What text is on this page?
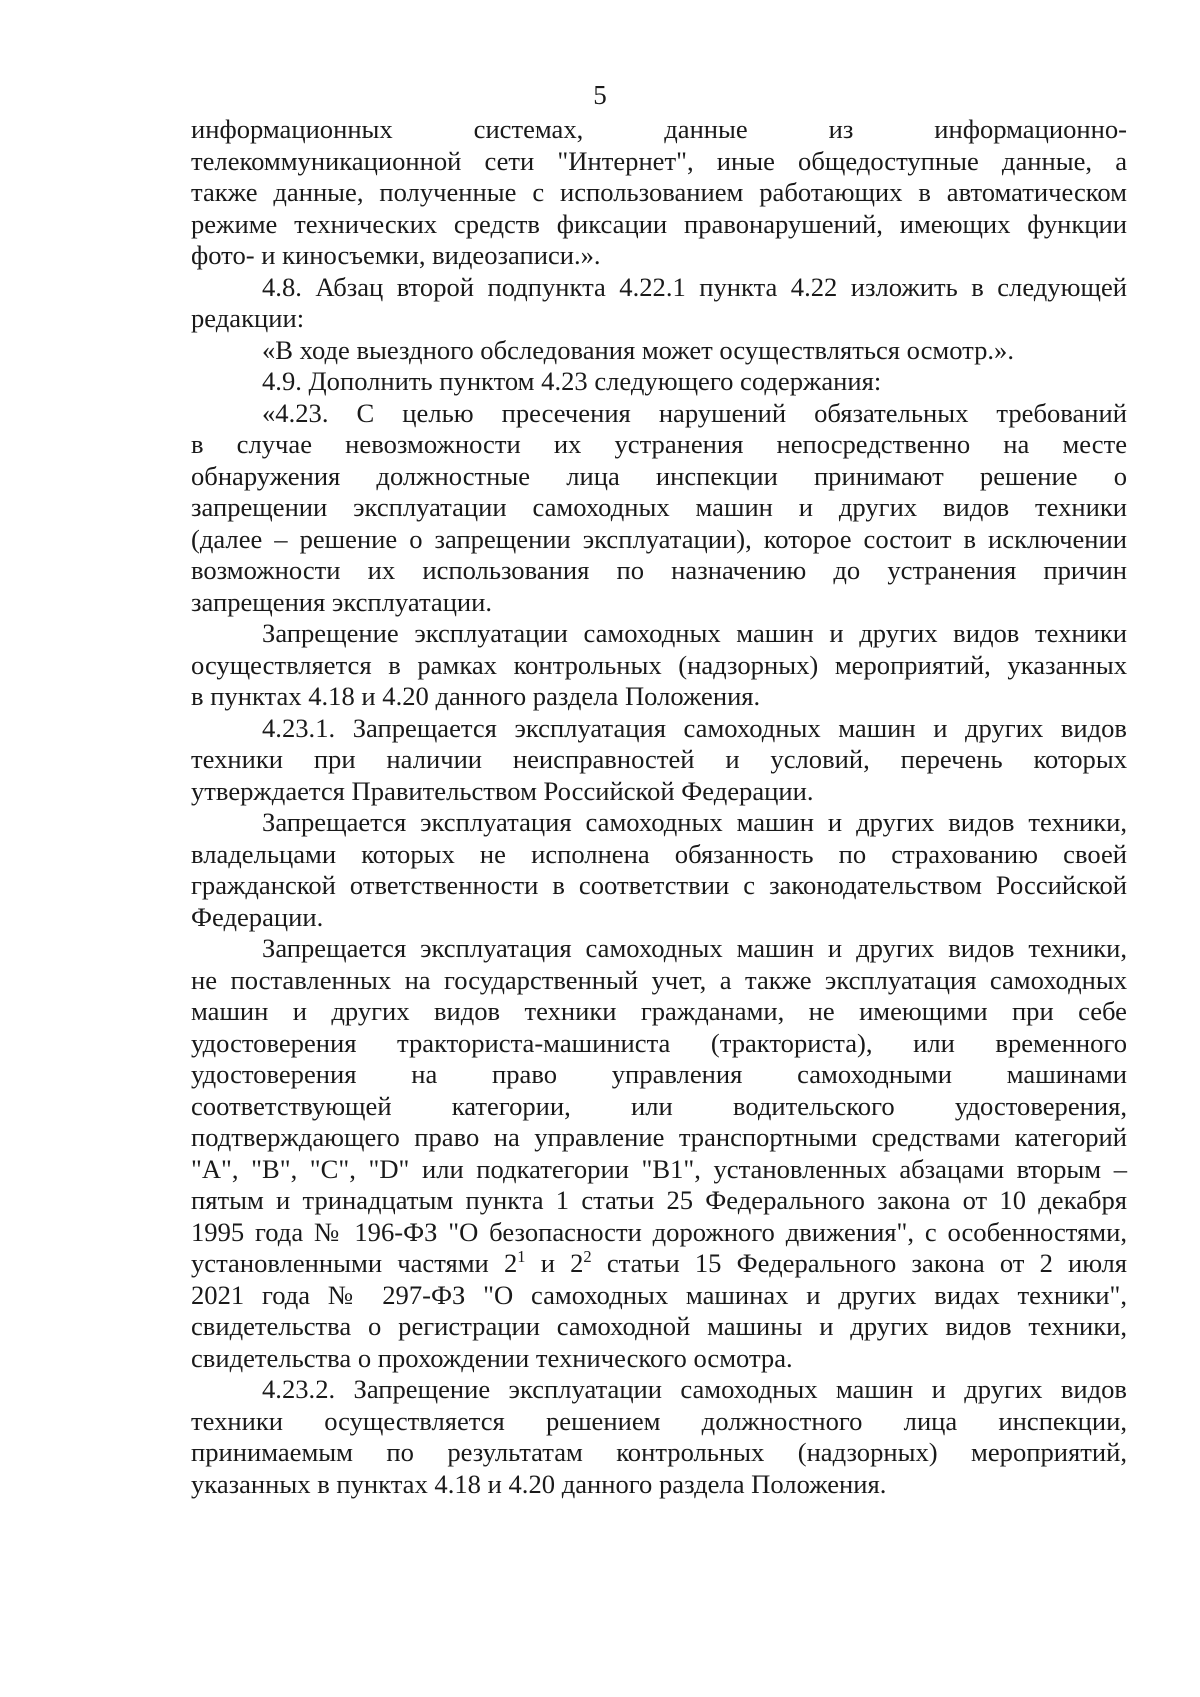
5

информационных системах, данные из информационно-
телекоммуникационной сети "Интернет", иные общедоступные данные, а
также данные, полученные с использованием работающих в автоматическом
режиме технических средств фиксации правонарушений, имеющих функции
фото- и киносъемки, видеозаписи.».

4.8. Абзац второй подпункта 4.22.1 пункта 4.22 изложить в следующей
редакции:

«В ходе выездного обследования может осуществляться осмотр.».

4.9. Дополнить пунктом 4.23 следующего содержания:

«4.23. С целью пресечения нарушений обязательных требований
в случае невозможности их устранения непосредственно на месте
обнаружения должностные лица инспекции принимают решение о
запрещении эксплуатации самоходных машин и других видов техники
(далее – решение о запрещении эксплуатации), которое состоит в исключении
возможности их использования по назначению до устранения причин
запрещения эксплуатации.

Запрещение эксплуатации самоходных машин и других видов техники
осуществляется в рамках контрольных (надзорных) мероприятий, указанных
в пунктах 4.18 и 4.20 данного раздела Положения.

4.23.1. Запрещается эксплуатация самоходных машин и других видов
техники при наличии неисправностей и условий, перечень которых
утверждается Правительством Российской Федерации.

Запрещается эксплуатация самоходных машин и других видов техники,
владельцами которых не исполнена обязанность по страхованию своей
гражданской ответственности в соответствии с законодательством Российской
Федерации.

Запрещается эксплуатация самоходных машин и других видов техники,
не поставленных на государственный учет, а также эксплуатация самоходных
машин и других видов техники гражданами, не имеющими при себе
удостоверения тракториста-машиниста (тракториста), или временного
удостоверения на право управления самоходными машинами
соответствующей категории, или водительского удостоверения,
подтверждающего право на управление транспортными средствами категорий
"A", "B", "C", "D" или подкатегории "B1", установленных абзацами вторым –
пятым и тринадцатым пункта 1 статьи 25 Федерального закона от 10 декабря
1995 года № 196-ФЗ "О безопасности дорожного движения", с особенностями,
установленными частями $2^1$ и $2^2$ статьи 15 Федерального закона от 2 июля
2021 года № 297-ФЗ "О самоходных машинах и других видах техники",
свидетельства о регистрации самоходной машины и других видов техники,
свидетельства о прохождении технического осмотра.

4.23.2. Запрещение эксплуатации самоходных машин и других видов
техники осуществляется решением должностного лица инспекции,
принимаемым по результатам контрольных (надзорных) мероприятий,
указанных в пунктах 4.18 и 4.20 данного раздела Положения.
